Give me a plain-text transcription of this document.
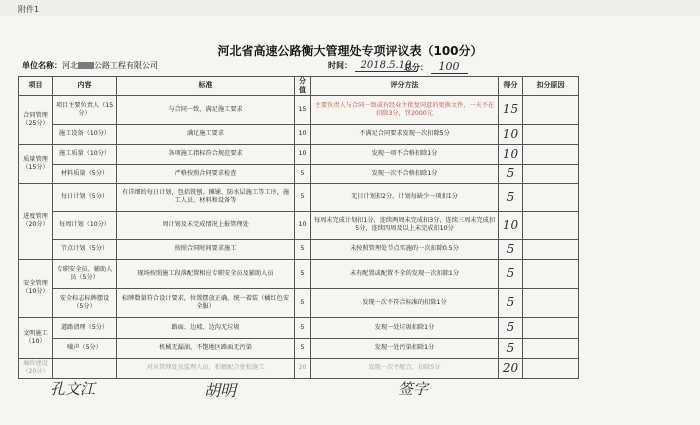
附件1
河北省高速公路衡大管理处专项评议表（100分）
单位名称：河北 公路工程有限公司	时间： 2018.5.10
总分： 100
项目	内容	标准	分值	评分方法	得分	扣分原因
合同管理（25分）	项目主要负责人（15分）	与合同一致，满足施工要求	15	主要负责人与合同一致或有经业主批复同意的更换文件，一天不在扣除3分，罚2000元	15	
	施工设备（10分）	满足施工要求	10	不满足合同要求发现一次扣除5分	10	
质量管理（15分）	施工质量（10分）	各项施工指标符合规范要求	10	发现一项不合格扣除1分	10	
	材料质量（5分）	严格按照合同要求检查	5	发现一次不合格扣除1分	5	
进度管理（20分）	每日计划（5分）	有详细的每日计划，包括铣刨、摊铺、防水层施工等工序，施工人员、材料和设备等	5	无日计划扣2分，计划每缺少一项扣1分	5	
	每周计划（10分）	周计划及未完成情况上报管理处	10	每周未完成计划扣1分，连续两周未完成扣3分，连续三周未完成扣5分，连续四周及以上未完成扣10分	10	
	节点计划（5分）	按照合同时间要求施工	5	未按照管理处节点实施的一次扣除0.5分	5	
安全管理（10分）	专职安全员、辅助人员（5分）	现场按照施工段落配置相应专职安全员及辅助人员	5	未有配置或配置不全的发现一次扣除1分	5	
	安全标志标牌摆设（5分）	标牌数量符合设计要求，位置摆放正确，统一着装（橘红色安全服）	5	发现一次不符合标准的扣除1分	5	
文明施工（10）	道路清理（5分）	路面、边坡、边沟无垃圾	5	发现一处垃圾扣除1分	5	
	噪声（5分）	机械无漏油，不饱地区路面无污染	5	发现一处污染扣除1分	5	
廉政建设（20分）		对从管理处及监理人员，积极配合宽松施工	20	发现一次不配合，扣除5分	20	
孔文江	胡明	签字
